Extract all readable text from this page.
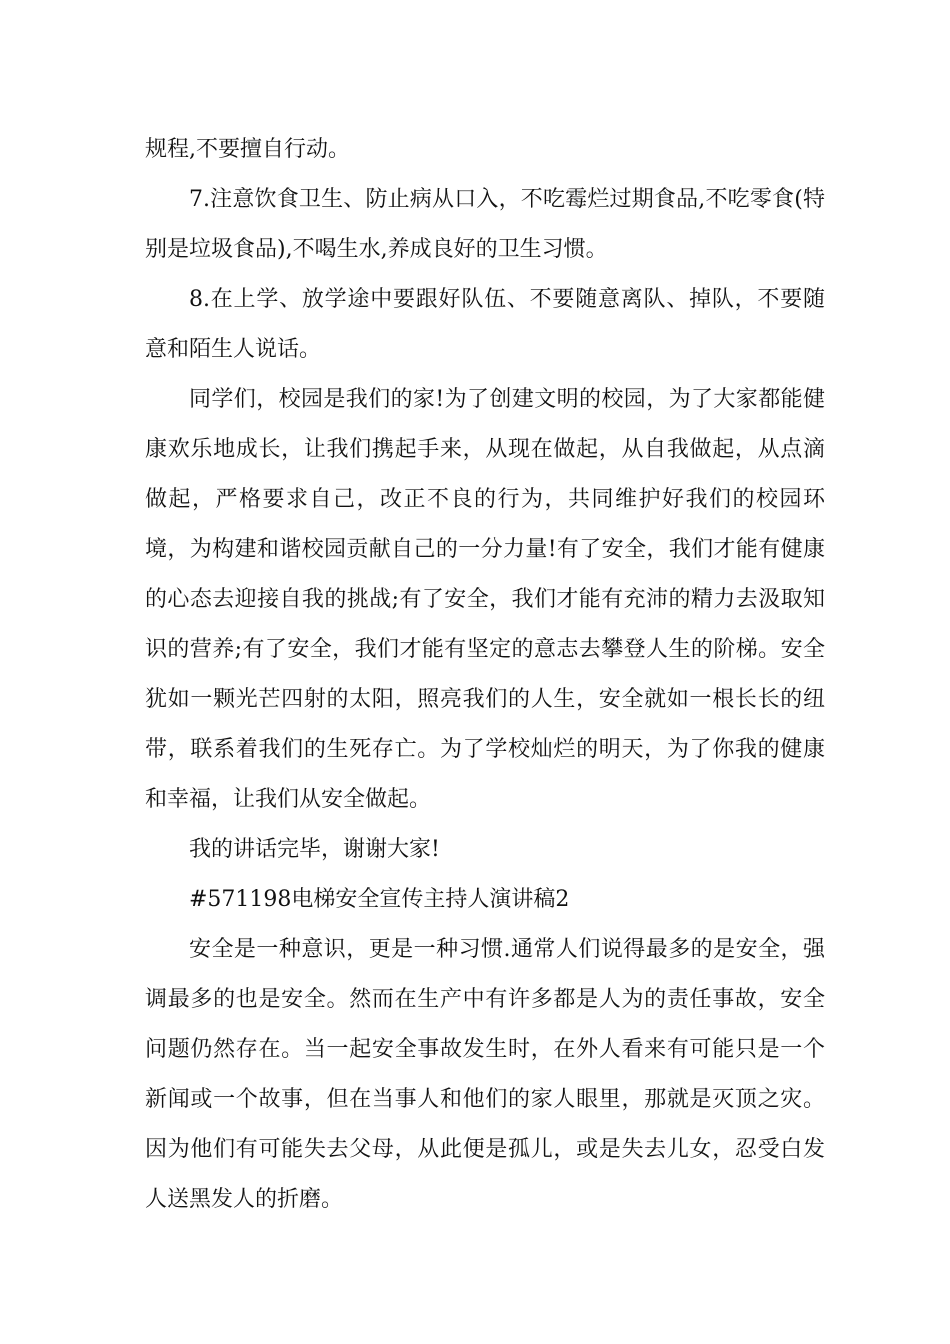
规程,不要擅自行动。

7.注意饮食卫生、防止病从口入，不吃霉烂过期食品,不吃零食(特别是垃圾食品),不喝生水,养成良好的卫生习惯。

8.在上学、放学途中要跟好队伍、不要随意离队、掉队，不要随意和陌生人说话。

同学们，校园是我们的家!为了创建文明的校园，为了大家都能健康欢乐地成长，让我们携起手来，从现在做起，从自我做起，从点滴做起，严格要求自己，改正不良的行为，共同维护好我们的校园环境，为构建和谐校园贡献自己的一分力量!有了安全，我们才能有健康的心态去迎接自我的挑战;有了安全，我们才能有充沛的精力去汲取知识的营养;有了安全，我们才能有坚定的意志去攀登人生的阶梯。安全犹如一颗光芒四射的太阳，照亮我们的人生，安全就如一根长长的纽带，联系着我们的生死存亡。为了学校灿烂的明天，为了你我的健康和幸福，让我们从安全做起。

我的讲话完毕，谢谢大家!

#571198电梯安全宣传主持人演讲稿2

安全是一种意识，更是一种习惯.通常人们说得最多的是安全，强调最多的也是安全。然而在生产中有许多都是人为的责任事故，安全问题仍然存在。当一起安全事故发生时，在外人看来有可能只是一个新闻或一个故事，但在当事人和他们的家人眼里，那就是灭顶之灾。因为他们有可能失去父母，从此便是孤儿，或是失去儿女，忍受白发人送黑发人的折磨。
